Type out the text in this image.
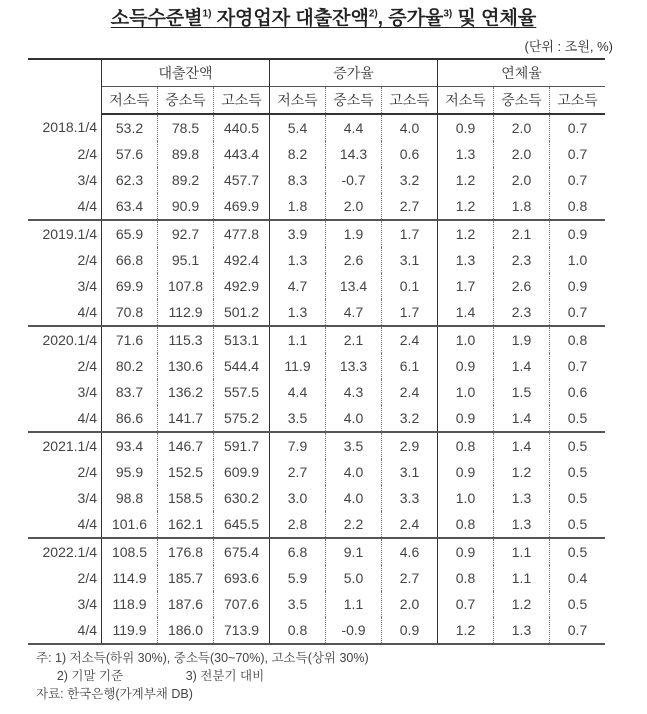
소득수준별$^{1)}$ 자영업자 대출잔액$^{2)}$, 증가율$^{3)}$ 및 연체율
(단위 : 조원, %)
	대출잔액			증가율			연체율		
	저소득	중소득	고소득	저소득	중소득	고소득	저소득	중소득	고소득
2018.1/4	53.2	78.5	440.5	5.4	4.4	4.0	0.9	2.0	0.7
2/4	57.6	89.8	443.4	8.2	14.3	0.6	1.3	2.0	0.7
3/4	62.3	89.2	457.7	8.3	-0.7	3.2	1.2	2.0	0.7
4/4	63.4	90.9	469.9	1.8	2.0	2.7	1.2	1.8	0.8
2019.1/4	65.9	92.7	477.8	3.9	1.9	1.7	1.2	2.1	0.9
2/4	66.8	95.1	492.4	1.3	2.6	3.1	1.3	2.3	1.0
3/4	69.9	107.8	492.9	4.7	13.4	0.1	1.7	2.6	0.9
4/4	70.8	112.9	501.2	1.3	4.7	1.7	1.4	2.3	0.7
2020.1/4	71.6	115.3	513.1	1.1	2.1	2.4	1.0	1.9	0.8
2/4	80.2	130.6	544.4	11.9	13.3	6.1	0.9	1.4	0.7
3/4	83.7	136.2	557.5	4.4	4.3	2.4	1.0	1.5	0.6
4/4	86.6	141.7	575.2	3.5	4.0	3.2	0.9	1.4	0.5
2021.1/4	93.4	146.7	591.7	7.9	3.5	2.9	0.8	1.4	0.5
2/4	95.9	152.5	609.9	2.7	4.0	3.1	0.9	1.2	0.5
3/4	98.8	158.5	630.2	3.0	4.0	3.3	1.0	1.3	0.5
4/4	101.6	162.1	645.5	2.8	2.2	2.4	0.8	1.3	0.5
2022.1/4	108.5	176.8	675.4	6.8	9.1	4.6	0.9	1.1	0.5
2/4	114.9	185.7	693.6	5.9	5.0	2.7	0.8	1.1	0.4
3/4	118.9	187.6	707.6	3.5	1.1	2.0	0.7	1.2	0.5
4/4	119.9	186.0	713.9	0.8	-0.9	0.9	1.2	1.3	0.7
주: 1) 저소득(하위 30%), 중소득(30~70%), 고소득(상위 30%)
2) 기말 기준                  3) 전분기 대비
자료: 한국은행(가계부채 DB)
